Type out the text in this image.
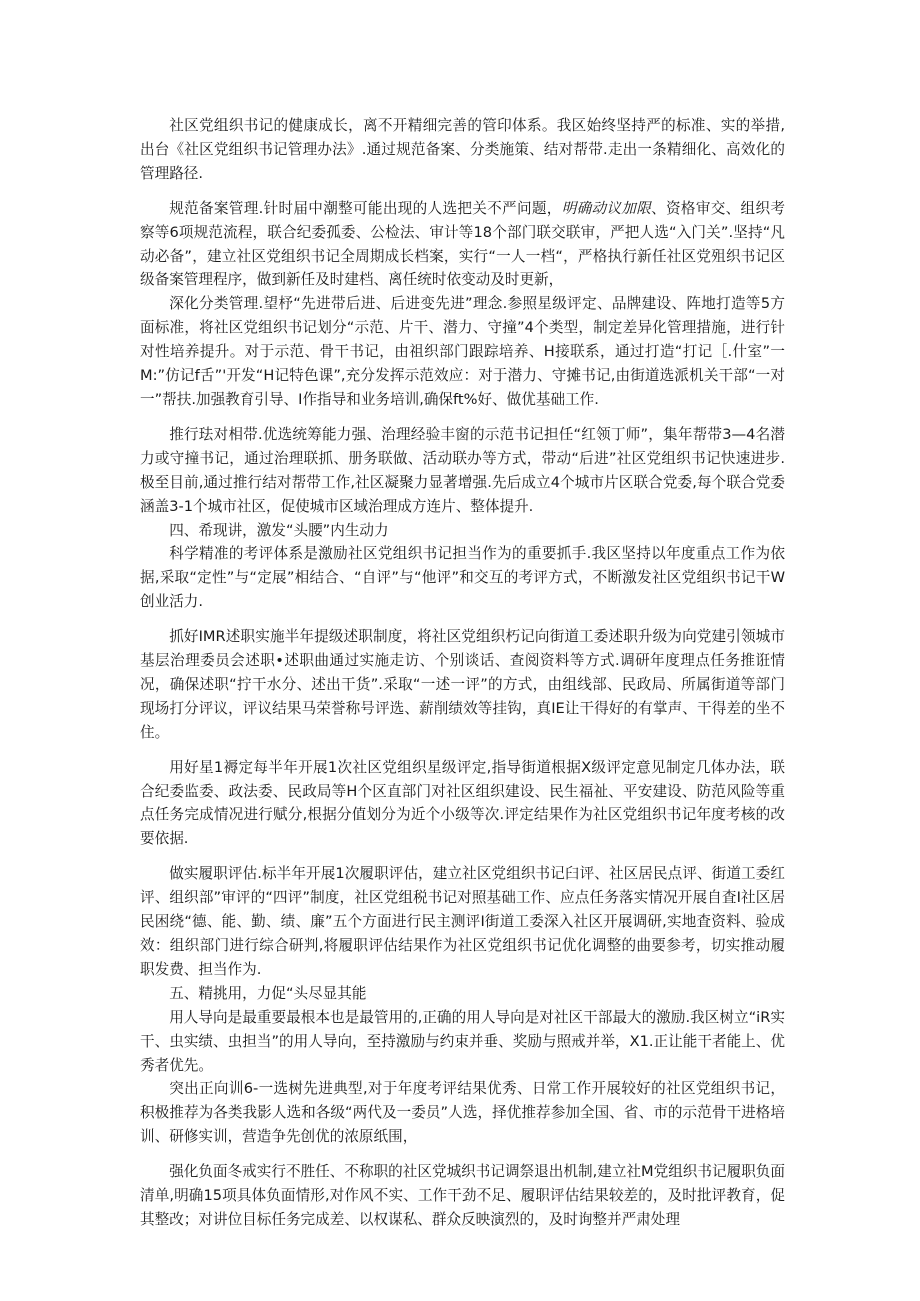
社区党组织书记的健康成长，离不开精细完善的管印体系。我区始终坚持严的标准、实的举措,出台《社区党组织书记管理办法》.通过规范备案、分类施策、结对帮带.走出一条精细化、高效化的管理路径.

规范备案管理.针时届中潮整可能出现的人选把关不严问题，明确动议加限、资格审交、组织考察等6项规范流程，联合纪委孤委、公检法、审计等18个部门联交联审，严把人选“入门关”.坚持“凡动必备”，建立社区党组织书记全周期成长档案，实行“一人一档“，严格执行新任社区党殂织书记区级备案管理程序，做到新任及时建档、离任统时依变动及时更新，

深化分类管理.望杼“先进带后进、后进变先进”理念.参照星级评定、品牌建设、阵地打造等5方面标准，将社区党组织书记划分“示范、片干、潜力、守撞”4个类型，制定差异化管理措施，进行针对性培养提升。对于示范、骨干书记，由祖织部门跟踪培养、H接联系，通过打造“打记［.什室”一M:”仿记f舌”'开发“H记特色课”,充分发挥示范效应：对于潜力、守摊书记,由街道选派机关干部“一对一”帮扶.加强教育引导、I作指导和业务培训,确保ft%好、做优基础工作.

推行珐对相带.优选统筹能力强、治理经验丰窗的示范书记担任“红领丁师”，集年帮带3—4名潜力或守撞书记，通过治理联抓、册务联做、活动联办等方式，带动“后进”社区党组织书记快速进步.极至目前,通过推行结对帮带工作,社区凝聚力显著增强.先后成立4个城市片区联合党委,每个联合党委涵盖3-1个城市社区，促使城市区域治理成方连片、整体提升.

四、希现讲，激发“头腰”内生动力

科学精准的考评体系是激励社区党组织书记担当作为的重要抓手.我区坚持以年度重点工作为依据,采取“定性”与“定展”相结合、“自评”与“他评”和交互的考评方式，不断激发社区党组织书记干W创业活力.

抓好IMR述职实施半年提级述职制度，将社区党组织朽记向街道工委述职升级为向党建引领城市基层治理委员会述职•述职曲通过实施走访、个别谈话、查阅资料等方式.调研年度理点任务推诳情况，确保述职“拧干水分、述出干货”.采取“一述一评”的方式，由组线部、民政局、所属街道等部门现场打分评议，评议结果马荣誉称号评选、薪削绩效等挂钩，真IE让干得好的有掌声、干得差的坐不住。

用好星1褥定每半年开展1次社区党组织星级评定,指导街道根据X级评定意见制定几体办法，联合纪委监委、政法委、民政局等H个区直部门对社区组织建设、民生福祉、平安建设、防范风险等重点任务完成情况进行赋分,根据分值划分为近个小级等次.评定结果作为社区党组织书记年度考核的改要依据.

做实履职评估.标半年开展1次履职评估，建立社区党组织书记臼评、社区居民点评、街道工委红评、组织部”审评的“四评”制度，社区党组税书记对照基础工作、应点任务落实情况开展自査I社区居民困绕“德、能、勤、绩、廉”五个方面进行民主测评I街道工委深入社区开展调研,实地査资料、验成效：组织部门进行综合研判,将履职评估结果作为社区党组织书记优化调整的曲要参考，切实推动履职发费、担当作为.

五、精挑用，力促“头尽显其能

用人导向是最重要最根本也是最管用的,正确的用人导向是对社区干部最大的激励.我区树立“iR实干、虫实绩、虫担当”的用人导向，至持激励与约束并垂、奖励与照戒并举，X1.正让能干者能上、优秀者优先。

突出正向训6-一选树先进典型,对于年度考评结果优秀、日常工作开展较好的社区党组织书记，积极推荐为各类我影人选和各级“两代及一委员”人选，择优推荐参加全国、省、市的示范骨干进格培训、研修实训，营造争先创优的浓原纸围，

强化负面冬戒实行不胜任、不称职的社区党城织书记调祭退出机制,建立社M党组织书记履职负面清单,明确15项具体负面情形,对作风不实、工作干劲不足、履职评估结果较差的，及时批评教育，促其整改；对讲位目标任务完成差、以权谋私、群众反映演烈的，及时询整并严肃处理
